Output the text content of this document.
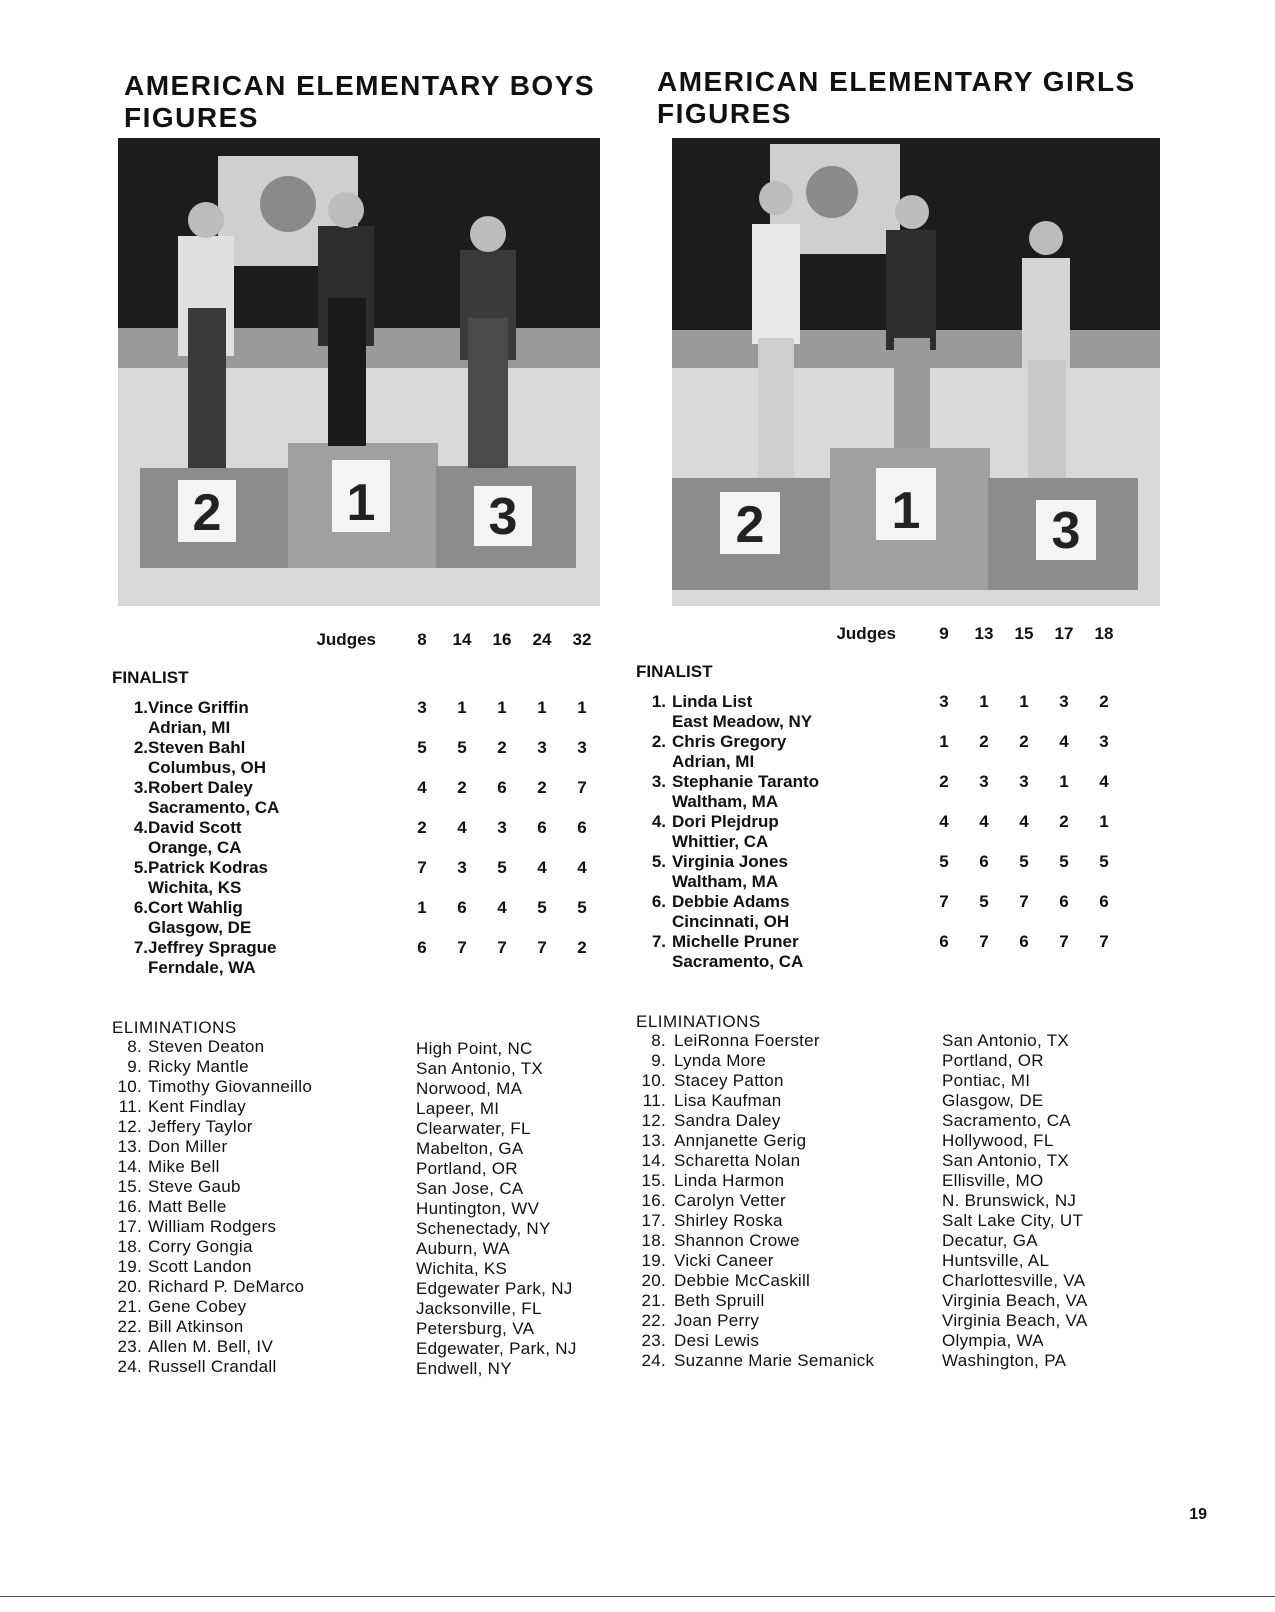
AMERICAN ELEMENTARY BOYS
FIGURES
2 1 3
Judges	8	14	16	24	32
FINALIST
1. Vince Griffin
Adrian, MI
3	1	1	1	1
2. Steven Bahl
Columbus, OH
5	5	2	3	3
3. Robert Daley
Sacramento, CA
4	2	6	2	7
4. David Scott
Orange, CA
2	4	3	6	6
5. Patrick Kodras
Wichita, KS
7	3	5	4	4
6. Cort Wahlig
Glasgow, DE
1	6	4	5	5
7. Jeffrey Sprague
Ferndale, WA
6	7	7	7	2
ELIMINATIONS
8. Steven Deaton	High Point, NC
9. Ricky Mantle	San Antonio, TX
10. Timothy Giovanneillo	Norwood, MA
11. Kent Findlay	Lapeer, MI
12. Jeffery Taylor	Clearwater, FL
13. Don Miller	Mabelton, GA
14. Mike Bell	Portland, OR
15. Steve Gaub	San Jose, CA
16. Matt Belle	Huntington, WV
17. William Rodgers	Schenectady, NY
18. Corry Gongia	Auburn, WA
19. Scott Landon	Wichita, KS
20. Richard P. DeMarco	Edgewater Park, NJ
21. Gene Cobey	Jacksonville, FL
22. Bill Atkinson	Petersburg, VA
23. Allen M. Bell, IV	Edgewater, Park, NJ
24. Russell Crandall	Endwell, NY
AMERICAN ELEMENTARY GIRLS
FIGURES
2 1	3
Judges	9	13	15	17	18
FINALIST
1. Linda List
East Meadow, NY
3	1	1	3	2
2. Chris Gregory
Adrian, MI
1	2	2	4	3
3. Stephanie Taranto
Waltham, MA
2	3	3	1	4
4. Dori Plejdrup
Whittier, CA
4	4	4	2	1
5. Virginia Jones
Waltham, MA
5	6	5	5	5
6. Debbie Adams
Cincinnati, OH
7	5	7	6	6
7. Michelle Pruner
Sacramento, CA
6	7	6	7	7
ELIMINATIONS
8. LeiRonna Foerster	San Antonio, TX
9. Lynda More	Portland, OR
10. Stacey Patton	Pontiac, MI
11. Lisa Kaufman	Glasgow, DE
12. Sandra Daley	Sacramento, CA
13. Annjanette Gerig	Hollywood, FL
14. Scharetta Nolan	San Antonio, TX
15. Linda Harmon	Ellisville, MO
16. Carolyn Vetter	N. Brunswick, NJ
17. Shirley Roska	Salt Lake City, UT
18. Shannon Crowe	Decatur, GA
19. Vicki Caneer	Huntsville, AL
20. Debbie McCaskill	Charlottesville, VA
21. Beth Spruill	Virginia Beach, VA
22. Joan Perry	Virginia Beach, VA
23. Desi Lewis	Olympia, WA
24. Suzanne Marie Semanick	Washington, PA
19
